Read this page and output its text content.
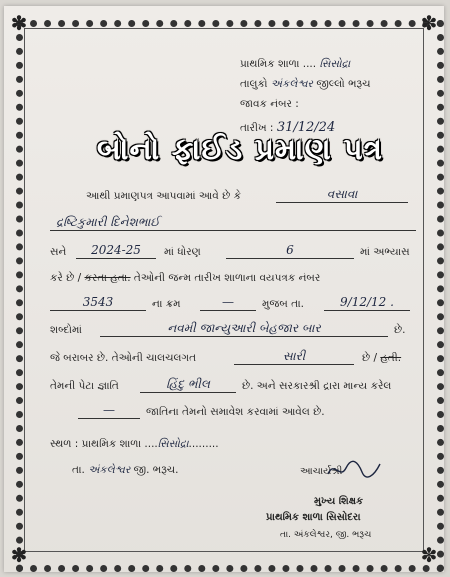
✽	✽
✽	✽
પ્રાથમિક શાળા .... સિસોદ્રા
તાલુકો અંકલેશ્વર જીલ્લો ભરૂચ
જાવક નંબર :
તારીખ : 31/12/24
બોનો ફાઈડ પ્રમાણ પત્ર
આથી પ્રમાણપત્ર આપવામાં આવે છે કે	વસાવા
દ્રષ્ટિકુમારી દિનેશભાઈ
સને	2024-25	માં ધોરણ	6	માં અભ્યાસ
કરે છે / કરતા હતા. તેઓની જન્મ તારીખ શાળાના વયપત્રક નંબર
3543	ના ક્રમ	—	મુજબ તા.	9/12/12 .
શબ્દોમાં	નવમી જાન્યુઆરી બેહજાર બાર	છે.
જે બરાબર છે. તેઓની ચાલચલગત	સારી	છે / હતી.
તેમની પેટા જ્ઞાતિ	હિંદુ ભીલ	છે. અને સરકારશ્રી દ્રારા માન્ય કરેલ
—	જાતિના તેમનો સમાવેશ કરવામાં આવેલ છે.
સ્થળ : પ્રાથમિક શાળા ....સિસોદ્રા.........
તા. અંકલેશ્વર જી. ભરૂચ.	આચાર્યશ્રી
મુખ્ય શિક્ષક
પ્રાથમિક શાળા સિસોદરા
તા. અંકલેશ્વર, જી. ભરૂચ
